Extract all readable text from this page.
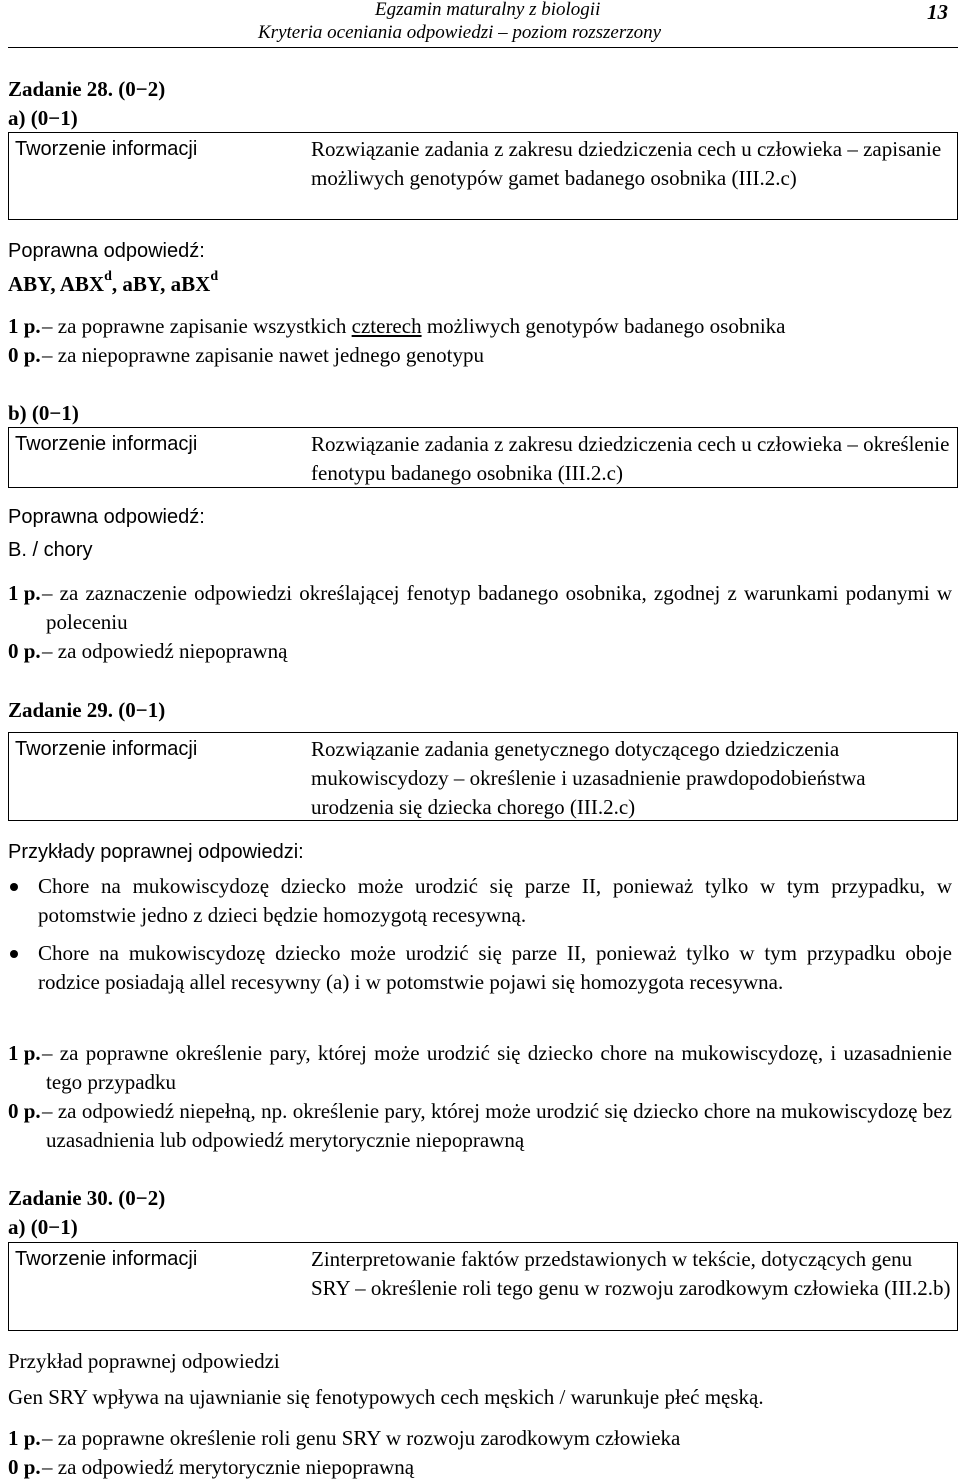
Egzamin maturalny z biologii
Kryteria oceniania odpowiedzi – poziom rozszerzony
13
Zadanie 28. (0−2)
a) (0−1)
Tworzenie informacji	Rozwiązanie zadania z zakresu dziedziczenia cech u człowieka – zapisanie możliwych genotypów gamet badanego osobnika (III.2.c)
Poprawna odpowiedź:
ABY, ABX$^d$, aBY, aBX$^d$
1 p. – za poprawne zapisanie wszystkich czterech możliwych genotypów badanego osobnika
0 p. – za niepoprawne zapisanie nawet jednego genotypu
b) (0−1)
Tworzenie informacji	Rozwiązanie zadania z zakresu dziedziczenia cech u człowieka – określenie fenotypu badanego osobnika (III.2.c)
Poprawna odpowiedź:
B. / chory
1 p. – za zaznaczenie odpowiedzi określającej fenotyp badanego osobnika, zgodnej z warunkami podanymi w poleceniu
0 p. – za odpowiedź niepoprawną
Zadanie 29. (0−1)
Tworzenie informacji	Rozwiązanie zadania genetycznego dotyczącego dziedziczenia mukowiscydozy – określenie i uzasadnienie prawdopodobieństwa urodzenia się dziecka chorego (III.2.c)
Przykłady poprawnej odpowiedzi:
Chore na mukowiscydozę dziecko może urodzić się parze II, ponieważ tylko w tym przypadku, w potomstwie jedno z dzieci będzie homozygotą recesywną.
Chore na mukowiscydozę dziecko może urodzić się parze II, ponieważ tylko w tym przypadku oboje rodzice posiadają allel recesywny (a) i w potomstwie pojawi się homozygota recesywna.
1 p. – za poprawne określenie pary, której może urodzić się dziecko chore na mukowiscydozę, i uzasadnienie tego przypadku
0 p. – za odpowiedź niepełną, np. określenie pary, której może urodzić się dziecko chore na mukowiscydozę bez uzasadnienia lub odpowiedź merytorycznie niepoprawną
Zadanie 30. (0−2)
a) (0−1)
Tworzenie informacji	Zinterpretowanie faktów przedstawionych w tekście, dotyczących genu SRY – określenie roli tego genu w rozwoju zarodkowym człowieka (III.2.b)
Przykład poprawnej odpowiedzi
Gen SRY wpływa na ujawnianie się fenotypowych cech męskich / warunkuje płeć męską.
1 p. – za poprawne określenie roli genu SRY w rozwoju zarodkowym człowieka
0 p. – za odpowiedź merytorycznie niepoprawną
